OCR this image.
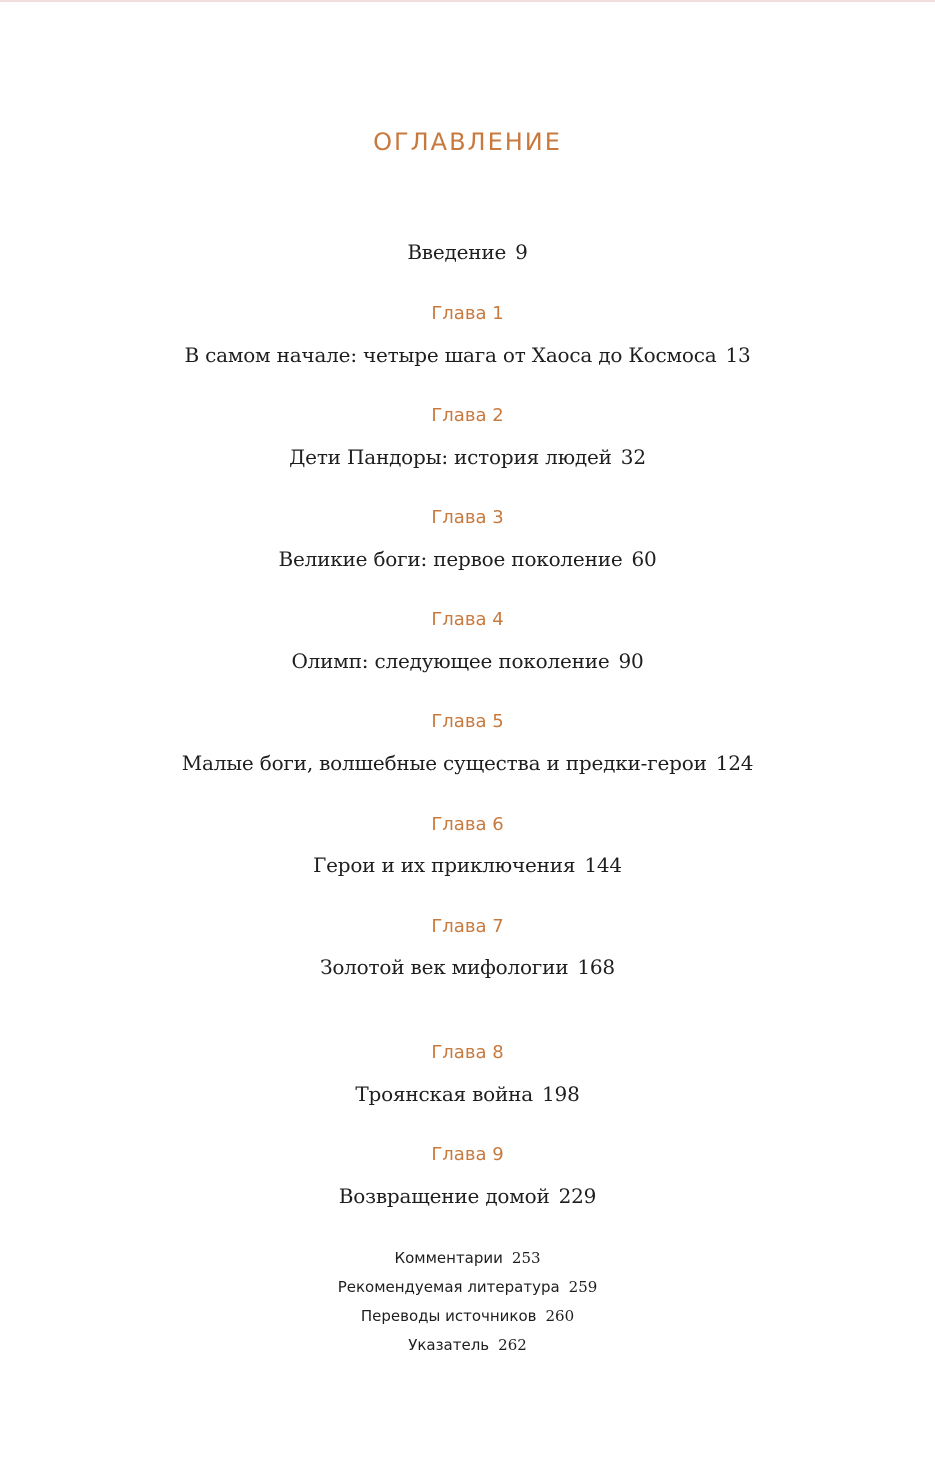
ОГЛАВЛЕНИЕ
Введение 9
Глава 1
В самом начале: четыре шага от Хаоса до Космоса 13
Глава 2
Дети Пандоры: история людей 32
Глава 3
Великие боги: первое поколение 60
Глава 4
Олимп: следующее поколение 90
Глава 5
Малые боги, волшебные существа и предки-герои 124
Глава 6
Герои и их приключения 144
Глава 7
Золотой век мифологии 168
Глава 8
Троянская война 198
Глава 9
Возвращение домой 229
Комментарии 253
Рекомендуемая литература 259
Переводы источников 260
Указатель 262
